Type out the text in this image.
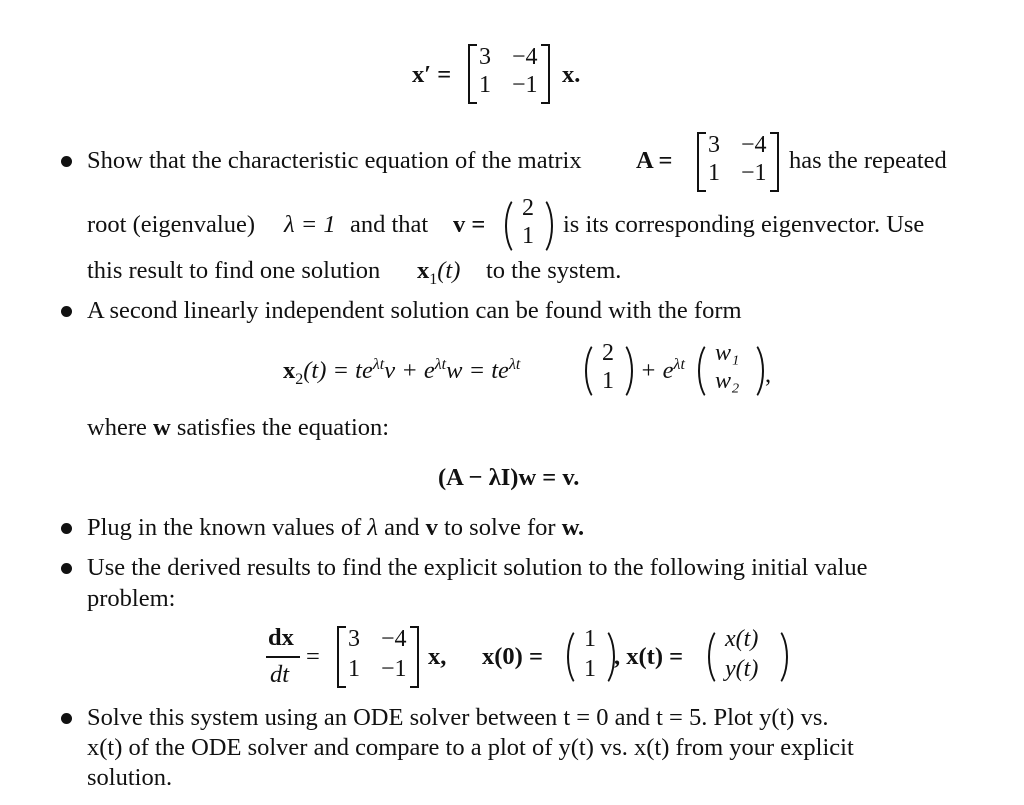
x′ =
3 −4
1 −1 x.
Show that the characteristic equation of the matrix A =
3 −4
1 −1 has the repeated
root (eigenvalue) λ = 1 and that v =
2
1 is its corresponding eigenvector. Use
this result to find one solution $x_1(t)$ to the system.
A second linearly independent solution can be found with the form
$x_2(t) = te^{\lambda t}v + e^{\lambda t}w = te^{\lambda t}$	2
$1 + e^{\lambda t}$ w₁
w₂ ,
where w satisfies the equation:
(A − λI)w = v.
Plug in the known values of λ and v to solve for w.
Use the derived results to find the explicit solution to the following initial value
problem:
dx
dt
=
3 −4
1 −1 x, x(0) =
1
1 , x(t) =
x(t)
y(t)
Solve this system using an ODE solver between t = 0 and t = 5. Plot y(t) vs.
x(t) of the ODE solver and compare to a plot of y(t) vs. x(t) from your explicit
solution.
